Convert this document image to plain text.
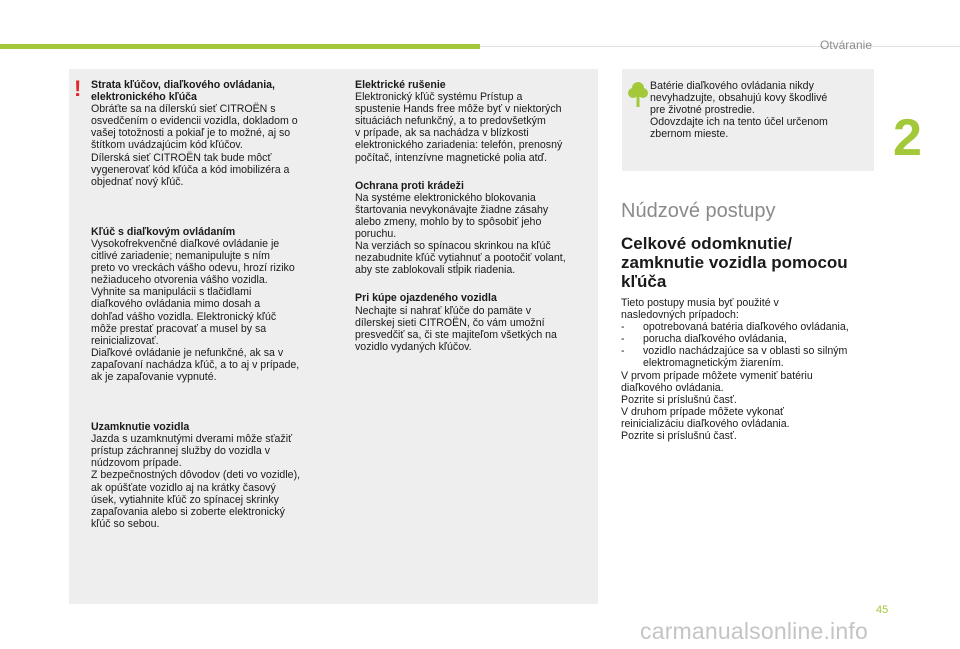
Otváranie
2
! Strata kľúčov, diaľkového ovládania,
elektronického kľúča

Obráťte sa na dílerskú sieť CITROËN s
osvedčením o evidencii vozidla, dokladom o
vašej totožnosti a pokiaľ je to možné, aj so
štítkom uvádzajúcim kód kľúčov.
Dílerská sieť CITROËN tak bude môcť
vygenerovať kód kľúča a kód imobilizéra a
objednať nový kľúč.

Kľúč s diaľkovým ovládaním

Vysokofrekvenčné diaľkové ovládanie je
citlivé zariadenie; nemanipulujte s ním
preto vo vreckách vášho odevu, hrozí riziko
nežiaduceho otvorenia vášho vozidla.
Vyhnite sa manipulácii s tlačidlami
diaľkového ovládania mimo dosah a
dohľad vášho vozidla. Elektronický kľúč
môže prestať pracovať a musel by sa
reinicializovať.
Diaľkové ovládanie je nefunkčné, ak sa v
zapaľovaní nachádza kľúč, a to aj v prípade,
ak je zapaľovanie vypnuté.

Uzamknutie vozidla

Jazda s uzamknutými dverami môže sťažiť
prístup záchrannej služby do vozidla v
núdzovom prípade.
Z bezpečnostných dôvodov (deti vo vozidle),
ak opúšťate vozidlo aj na krátky časový
úsek, vytiahnite kľúč zo spínacej skrinky
zapaľovania alebo si zoberte elektronický
kľúč so sebou.

Elektrické rušenie

Elektronický kľúč systému Prístup a
spustenie Hands free môže byť v niektorých
situáciách nefunkčný, a to predovšetkým
v prípade, ak sa nachádza v blízkosti
elektronického zariadenia: telefón, prenosný
počítač, intenzívne magnetické polia atď.

Ochrana proti krádeži

Na systéme elektronického blokovania
štartovania nevykonávajte žiadne zásahy
alebo zmeny, mohlo by to spôsobiť jeho
poruchu.
Na verziách so spínacou skrinkou na kľúč
nezabudnite kľúč vytiahnuť a pootočiť volant,
aby ste zablokovali stĺpik riadenia.

Pri kúpe ojazdeného vozidla

Nechajte si nahrať kľúče do pamäte v
dílerskej sieti CITROËN, čo vám umožní
presvedčiť sa, či ste majiteľom všetkých na
vozidlo vydaných kľúčov.

Batérie diaľkového ovládania nikdy
nevyhadzujte, obsahujú kovy škodlivé
pre životné prostredie.
Odovzdajte ich na tento účel určenom
zbernom mieste.
Núdzové postupy
Celkové odomknutie/
zamknutie vozidla pomocou
kľúča

Tieto postupy musia byť použité v
nasledovných prípadoch:

- opotrebovaná batéria diaľkového ovládania,
- porucha diaľkového ovládania,
- vozidlo nachádzajúce sa v oblasti so silným elektromagnetickým žiarením.

V prvom prípade môžete vymeniť batériu
diaľkového ovládania.
Pozrite si príslušnú časť.
V druhom prípade môžete vykonať
reinicializáciu diaľkového ovládania.
Pozrite si príslušnú časť.

45
carmanualsonline.info
